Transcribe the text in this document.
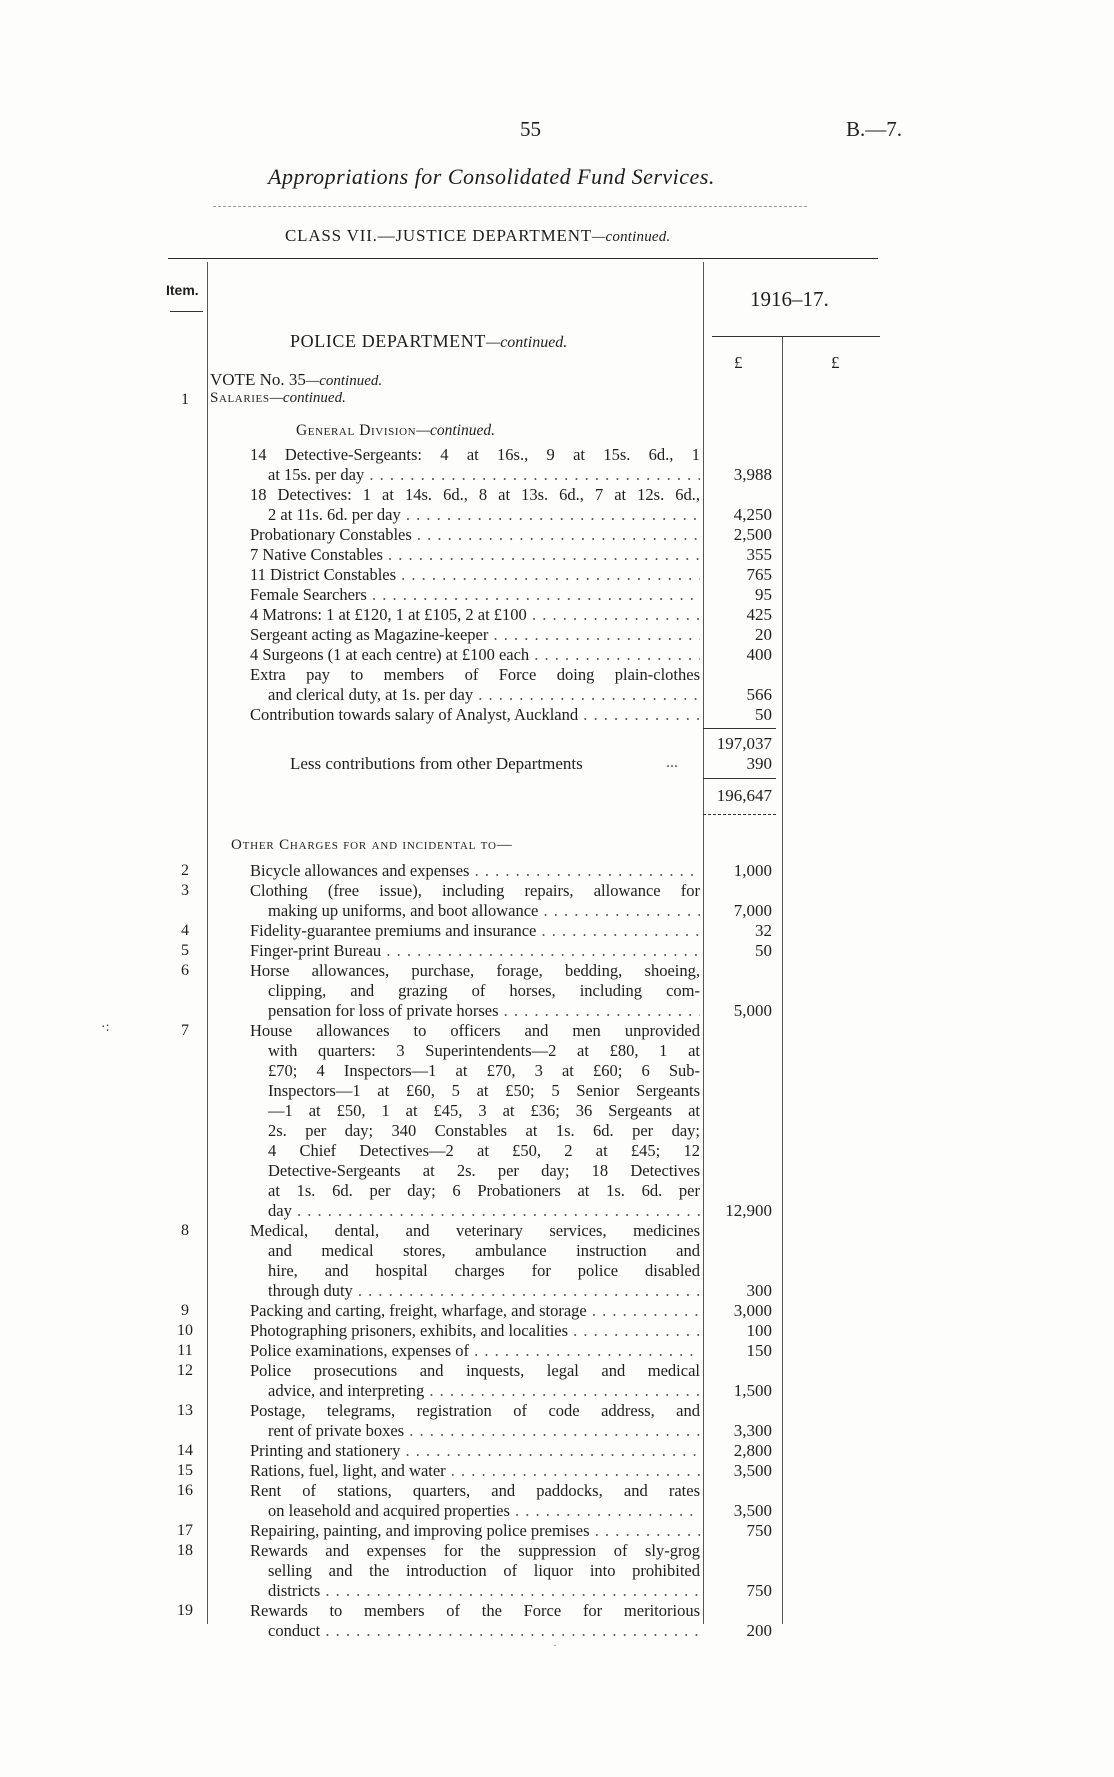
55	B.—7.
Appropriations for Consolidated Fund Services.
CLASS VII.—JUSTICE DEPARTMENT—continued.
Item.	1916–17.
£	£
POLICE DEPARTMENT—continued.
VOTE No. 35—continued.
Salaries—continued.
1
General Division—continued.
14 Detective-Sergeants: 4 at 16s., 9 at 15s. 6d., 1
at 15s. per day . . .	3,988
18 Detectives: 1 at 14s. 6d., 8 at 13s. 6d., 7 at 12s. 6d.,
2 at 11s. 6d. per day . . .	4,250
Probationary Constables . . .	2,500
7 Native Constables . . .	355
11 District Constables . . .	765
Female Searchers . . .	95
4 Matrons: 1 at £120, 1 at £105, 2 at £100 . . .	425
Sergeant acting as Magazine-keeper . . .	20
4 Surgeons (1 at each centre) at £100 each . . .	400
Extra pay to members of Force doing plain-clothes
and clerical duty, at 1s. per day . . .	566
Contribution towards salary of Analyst, Auckland . . .	50
197,037
Less contributions from other Departments	...	390
196,647
Other Charges for and incidental to—
2	Bicycle allowances and expenses . . .	1,000
3	Clothing (free issue), including repairs, allowance for
making up uniforms, and boot allowance . . .	7,000
4	Fidelity-guarantee premiums and insurance . . .	32
5	Finger-print Bureau . . .	50
6	Horse allowances, purchase, forage, bedding, shoeing,
clipping, and grazing of horses, including com-
pensation for loss of private horses . . .	5,000
7	House allowances to officers and men unprovided
with quarters: 3 Superintendents—2 at £80, 1 at
£70; 4 Inspectors—1 at £70, 3 at £60; 6 Sub-
Inspectors—1 at £60, 5 at £50; 5 Senior Sergeants
—1 at £50, 1 at £45, 3 at £36; 36 Sergeants at
2s. per day; 340 Constables at 1s. 6d. per day;
4 Chief Detectives—2 at £50, 2 at £45; 12
Detective-Sergeants at 2s. per day; 18 Detectives
at 1s. 6d. per day; 6 Probationers at 1s. 6d. per
day . . .	12,900
8	Medical, dental, and veterinary services, medicines
and medical stores, ambulance instruction and
hire, and hospital charges for police disabled
through duty . . .	300
9	Packing and carting, freight, wharfage, and storage . . .	3,000
10	Photographing prisoners, exhibits, and localities . . .	100
11	Police examinations, expenses of . . .	150
12	Police prosecutions and inquests, legal and medical
advice, and interpreting . . .	1,500
13	Postage, telegrams, registration of code address, and
rent of private boxes . . .	3,300
14	Printing and stationery . . .	2,800
15	Rations, fuel, light, and water . . .	3,500
16	Rent of stations, quarters, and paddocks, and rates
on leasehold and acquired properties . . .	3,500
17	Repairing, painting, and improving police premises . . .	750
18	Rewards and expenses for the suppression of sly-grog
selling and the introduction of liquor into prohibited
districts . . .	750
19	Rewards to members of the Force for meritorious
conduct . . .	200
·:
·
